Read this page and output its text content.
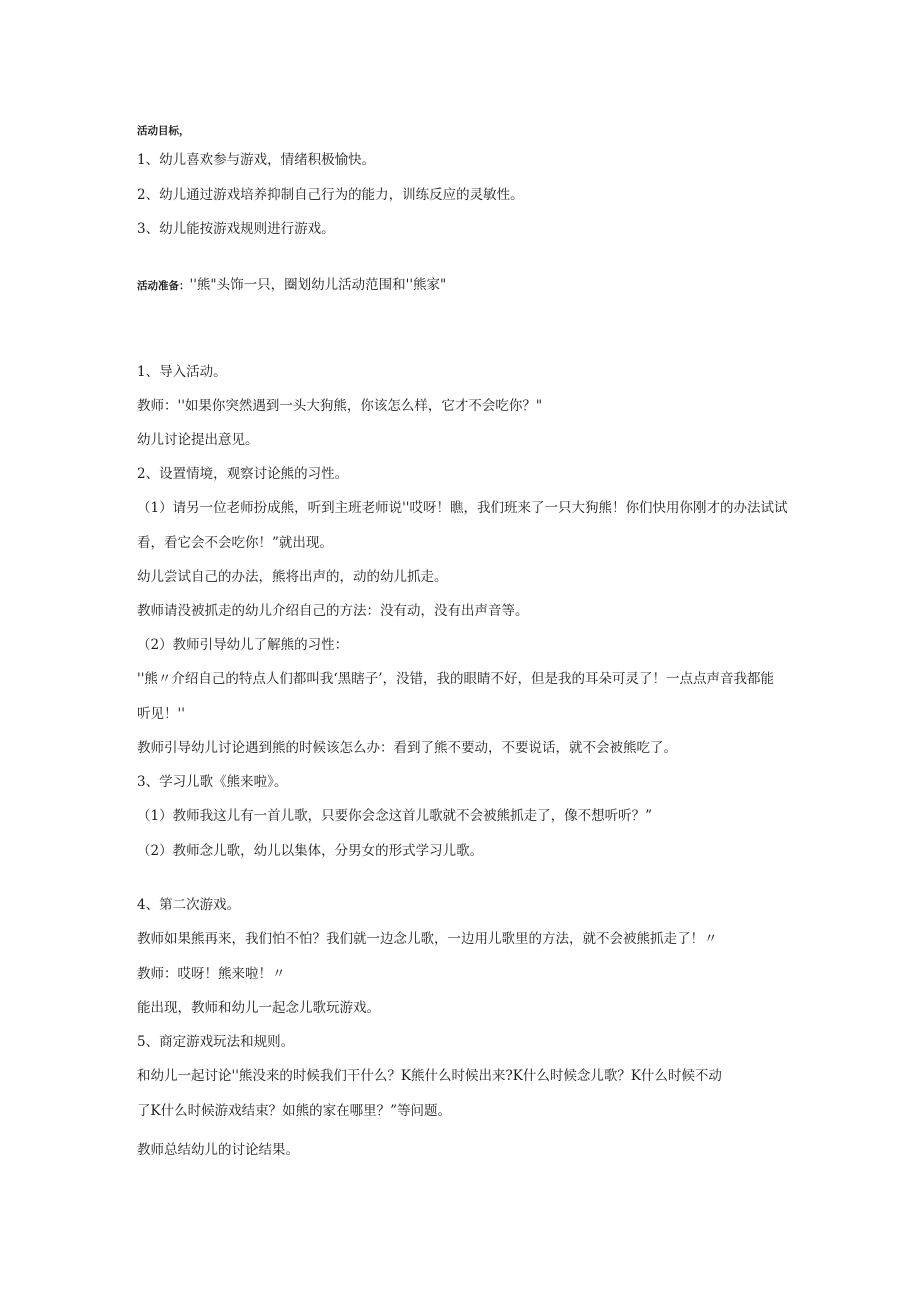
活动目标，
1、幼儿喜欢参与游戏，情绪积极愉快。
2、幼儿通过游戏培养抑制自己行为的能力，训练反应的灵敏性。
3、幼儿能按游戏规则进行游戏。
活动准备：''熊"头饰一只，圈划幼儿活动范围和''熊家"
1、导入活动。
教师：''如果你突然遇到一头大狗熊，你该怎么样，它才不会吃你？"
幼儿讨论提出意见。
2、设置情境，观察讨论熊的习性。
（1）请另一位老师扮成熊，听到主班老师说''哎呀！瞧，我们班来了一只大狗熊！你们快用你刚才的办法试试
看，看它会不会吃你！”就出现。
幼儿尝试自己的办法，熊将出声的，动的幼儿抓走。
教师请没被抓走的幼儿介绍自己的方法：没有动，没有出声音等。
（2）教师引导幼儿了解熊的习性：
''熊〃介绍自己的特点人们都叫我‘黑瞎子’，没错，我的眼睛不好，但是我的耳朵可灵了！一点点声音我都能
听见！''
教师引导幼儿讨论遇到熊的时候该怎么办：看到了熊不要动，不要说话，就不会被熊吃了。
3、学习儿歌《熊来啦》。
（1）教师我这儿有一首儿歌，只要你会念这首儿歌就不会被熊抓走了，像不想听听？”
（2）教师念儿歌，幼儿以集体，分男女的形式学习儿歌。
4、第二次游戏。
教师如果熊再来，我们怕不怕？我们就一边念儿歌，一边用儿歌里的方法，就不会被熊抓走了！〃
教师：哎呀！熊来啦！〃
能出现，教师和幼儿一起念儿歌玩游戏。
5、商定游戏玩法和规则。
和幼儿一起讨论''熊没来的时候我们干什么？K熊什么时候出来?K什么时候念儿歌？K什么时候不动
了K什么时候游戏结束？如熊的家在哪里？”等问题。
教师总结幼儿的讨论结果。
